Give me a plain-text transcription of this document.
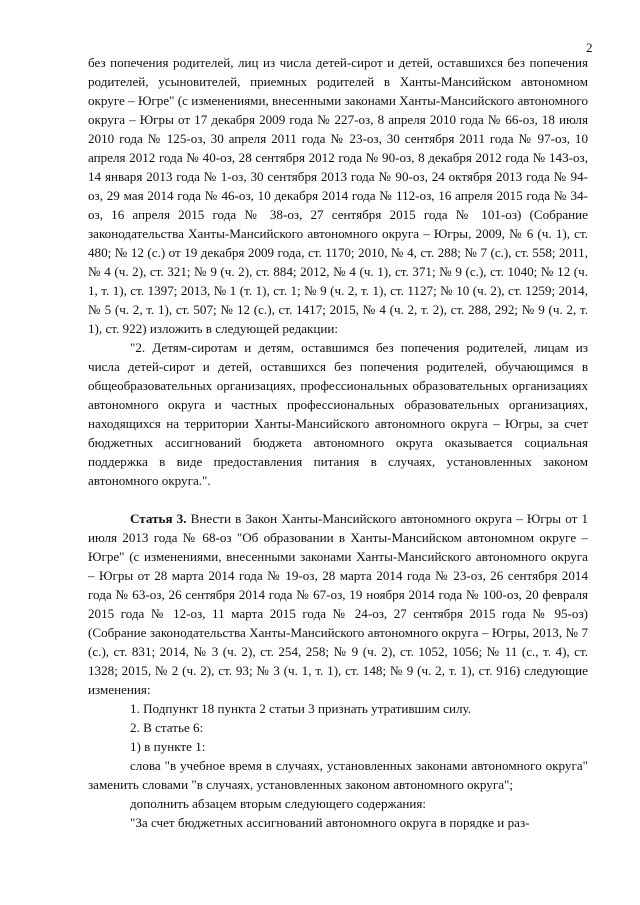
2

без попечения родителей, лиц из числа детей-сирот и детей, оставшихся без попечения родителей, усыновителей, приемных родителей в Ханты-Мансийском автономном округе – Югре" (с изменениями, внесенными законами Ханты-Мансийского автономного округа – Югры от 17 декабря 2009 года № 227-оз, 8 апреля 2010 года № 66-оз, 18 июля 2010 года № 125-оз, 30 апреля 2011 года № 23-оз, 30 сентября 2011 года № 97-оз, 10 апреля 2012 года № 40-оз, 28 сентября 2012 года № 90-оз, 8 декабря 2012 года № 143-оз, 14 января 2013 года № 1-оз, 30 сентября 2013 года № 90-оз, 24 октября 2013 года № 94-оз, 29 мая 2014 года № 46-оз, 10 декабря 2014 года № 112-оз, 16 апреля 2015 года № 34-оз, 16 апреля 2015 года № 38-оз, 27 сентября 2015 года № 101-оз) (Собрание законодательства Ханты-Мансийского автономного округа – Югры, 2009, № 6 (ч. 1), ст. 480; № 12 (с.) от 19 декабря 2009 года, ст. 1170; 2010, № 4, ст. 288; № 7 (с.), ст. 558; 2011, № 4 (ч. 2), ст. 321; № 9 (ч. 2), ст. 884; 2012, № 4 (ч. 1), ст. 371; № 9 (с.), ст. 1040; № 12 (ч. 1, т. 1), ст. 1397; 2013, № 1 (т. 1), ст. 1; № 9 (ч. 2, т. 1), ст. 1127; № 10 (ч. 2), ст. 1259; 2014, № 5 (ч. 2, т. 1), ст. 507; № 12 (с.), ст. 1417; 2015, № 4 (ч. 2, т. 2), ст. 288, 292; № 9 (ч. 2, т. 1), ст. 922) изложить в следующей редакции:

"2. Детям-сиротам и детям, оставшимся без попечения родителей, лицам из числа детей-сирот и детей, оставшихся без попечения родителей, обучающимся в общеобразовательных организациях, профессиональных образовательных организациях автономного округа и частных профессиональных образовательных организациях, находящихся на территории Ханты-Мансийского автономного округа – Югры, за счет бюджетных ассигнований бюджета автономного округа оказывается социальная поддержка в виде предоставления питания в случаях, установленных законом автономного округа.".

Статья 3. Внести в Закон Ханты-Мансийского автономного округа – Югры от 1 июля 2013 года № 68-оз "Об образовании в Ханты-Мансийском автономном округе – Югре" (с изменениями, внесенными законами Ханты-Мансийского автономного округа – Югры от 28 марта 2014 года № 19-оз, 28 марта 2014 года № 23-оз, 26 сентября 2014 года № 63-оз, 26 сентября 2014 года № 67-оз, 19 ноября 2014 года № 100-оз, 20 февраля 2015 года № 12-оз, 11 марта 2015 года № 24-оз, 27 сентября 2015 года № 95-оз) (Собрание законодательства Ханты-Мансийского автономного округа – Югры, 2013, № 7 (с.), ст. 831; 2014, № 3 (ч. 2), ст. 254, 258; № 9 (ч. 2), ст. 1052, 1056; № 11 (с., т. 4), ст. 1328; 2015, № 2 (ч. 2), ст. 93; № 3 (ч. 1, т. 1), ст. 148; № 9 (ч. 2, т. 1), ст. 916) следующие изменения:

1. Подпункт 18 пункта 2 статьи 3 признать утратившим силу.

2. В статье 6:

1) в пункте 1:

слова "в учебное время в случаях, установленных законами автономного округа" заменить словами "в случаях, установленных законом автономного округа";

дополнить абзацем вторым следующего содержания:

"За счет бюджетных ассигнований автономного округа в порядке и раз-
